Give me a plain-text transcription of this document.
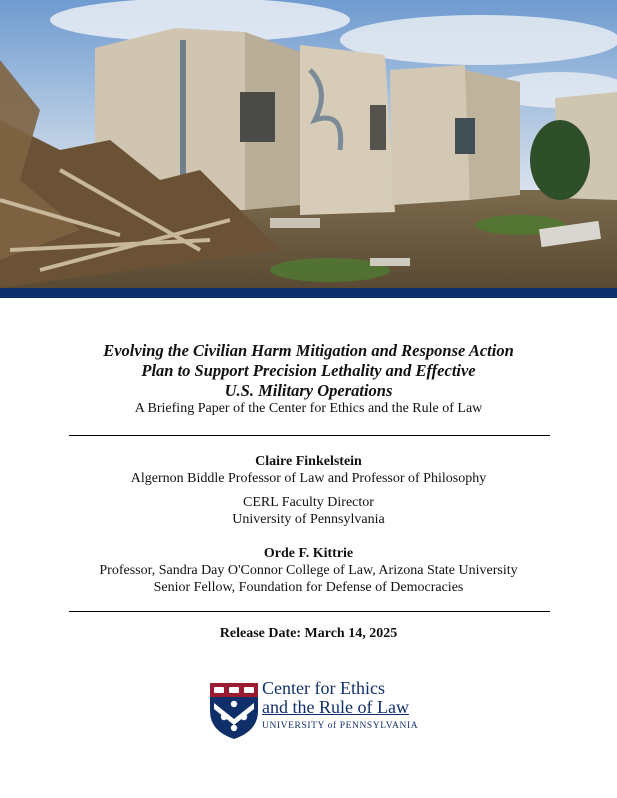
Evolving the Civilian Harm Mitigation and Response Action
Plan to Support Precision Lethality and Effective
U.S. Military Operations
A Briefing Paper of the Center for Ethics and the Rule of Law
Claire Finkelstein
Algernon Biddle Professor of Law and Professor of Philosophy
CERL Faculty Director
University of Pennsylvania
Orde F. Kittrie
Professor, Sandra Day O'Connor College of Law, Arizona State University
Senior Fellow, Foundation for Defense of Democracies
Release Date: March 14, 2025
Center for Ethics
and the Rule of Law
UNIVERSITY of PENNSYLVANIA
